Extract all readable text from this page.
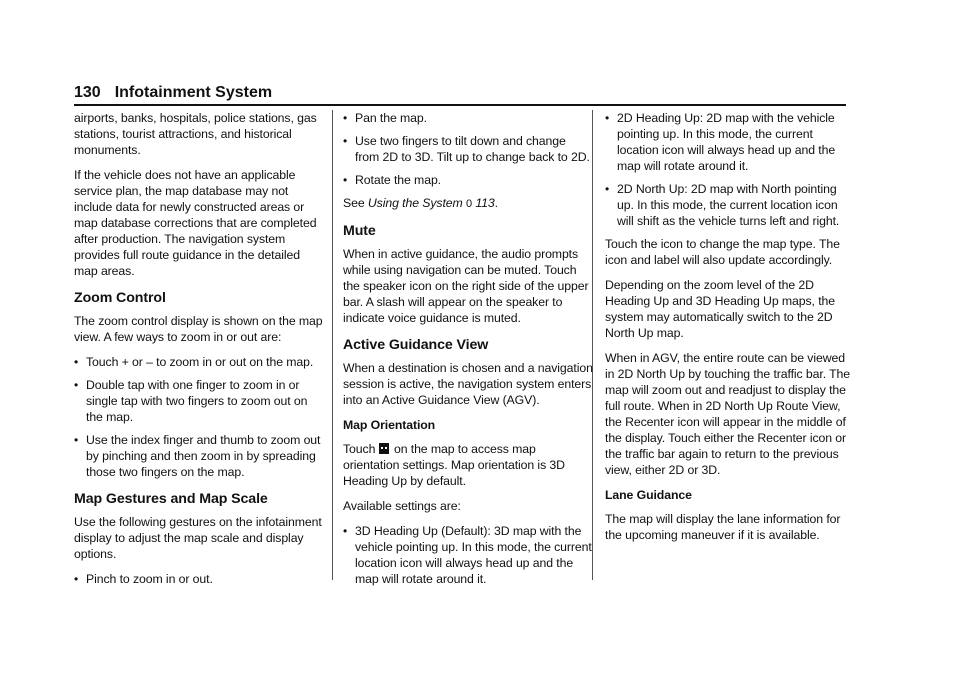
130 Infotainment System

airports, banks, hospitals, police stations, gas stations, tourist attractions, and historical monuments.

If the vehicle does not have an applicable service plan, the map database may not include data for newly constructed areas or map database corrections that are completed after production. The navigation system provides full route guidance in the detailed map areas.

Zoom Control

The zoom control display is shown on the map view. A few ways to zoom in or out are:

• Touch + or – to zoom in or out on the map.
• Double tap with one finger to zoom in or single tap with two fingers to zoom out on the map.
• Use the index finger and thumb to zoom out by pinching and then zoom in by spreading those two fingers on the map.
Map Gestures and Map Scale

Use the following gestures on the infotainment display to adjust the map scale and display options.

• Pinch to zoom in or out.
• Pan the map.
• Use two fingers to tilt down and change from 2D to 3D. Tilt up to change back to 2D.
• Rotate the map.

See Using the System 0 113.

Mute

When in active guidance, the audio prompts while using navigation can be muted. Touch the speaker icon on the right side of the upper bar. A slash will appear on the speaker to indicate voice guidance is muted.

Active Guidance View

When a destination is chosen and a navigation session is active, the navigation system enters into an Active Guidance View (AGV).

Map Orientation

Touch  on the map to access map orientation settings. Map orientation is 3D Heading Up by default.

Available settings are:

• 3D Heading Up (Default): 3D map with the vehicle pointing up. In this mode, the current location icon will always head up and the map will rotate around it.
• 2D Heading Up: 2D map with the vehicle pointing up. In this mode, the current location icon will always head up and the map will rotate around it.
• 2D North Up: 2D map with North pointing up. In this mode, the current location icon will shift as the vehicle turns left and right.

Touch the icon to change the map type. The icon and label will also update accordingly.

Depending on the zoom level of the 2D Heading Up and 3D Heading Up maps, the system may automatically switch to the 2D North Up map.

When in AGV, the entire route can be viewed in 2D North Up by touching the traffic bar. The map will zoom out and readjust to display the full route. When in 2D North Up Route View, the Recenter icon will appear in the middle of the display. Touch either the Recenter icon or the traffic bar again to return to the previous view, either 2D or 3D.

Lane Guidance

The map will display the lane information for the upcoming maneuver if it is available.
